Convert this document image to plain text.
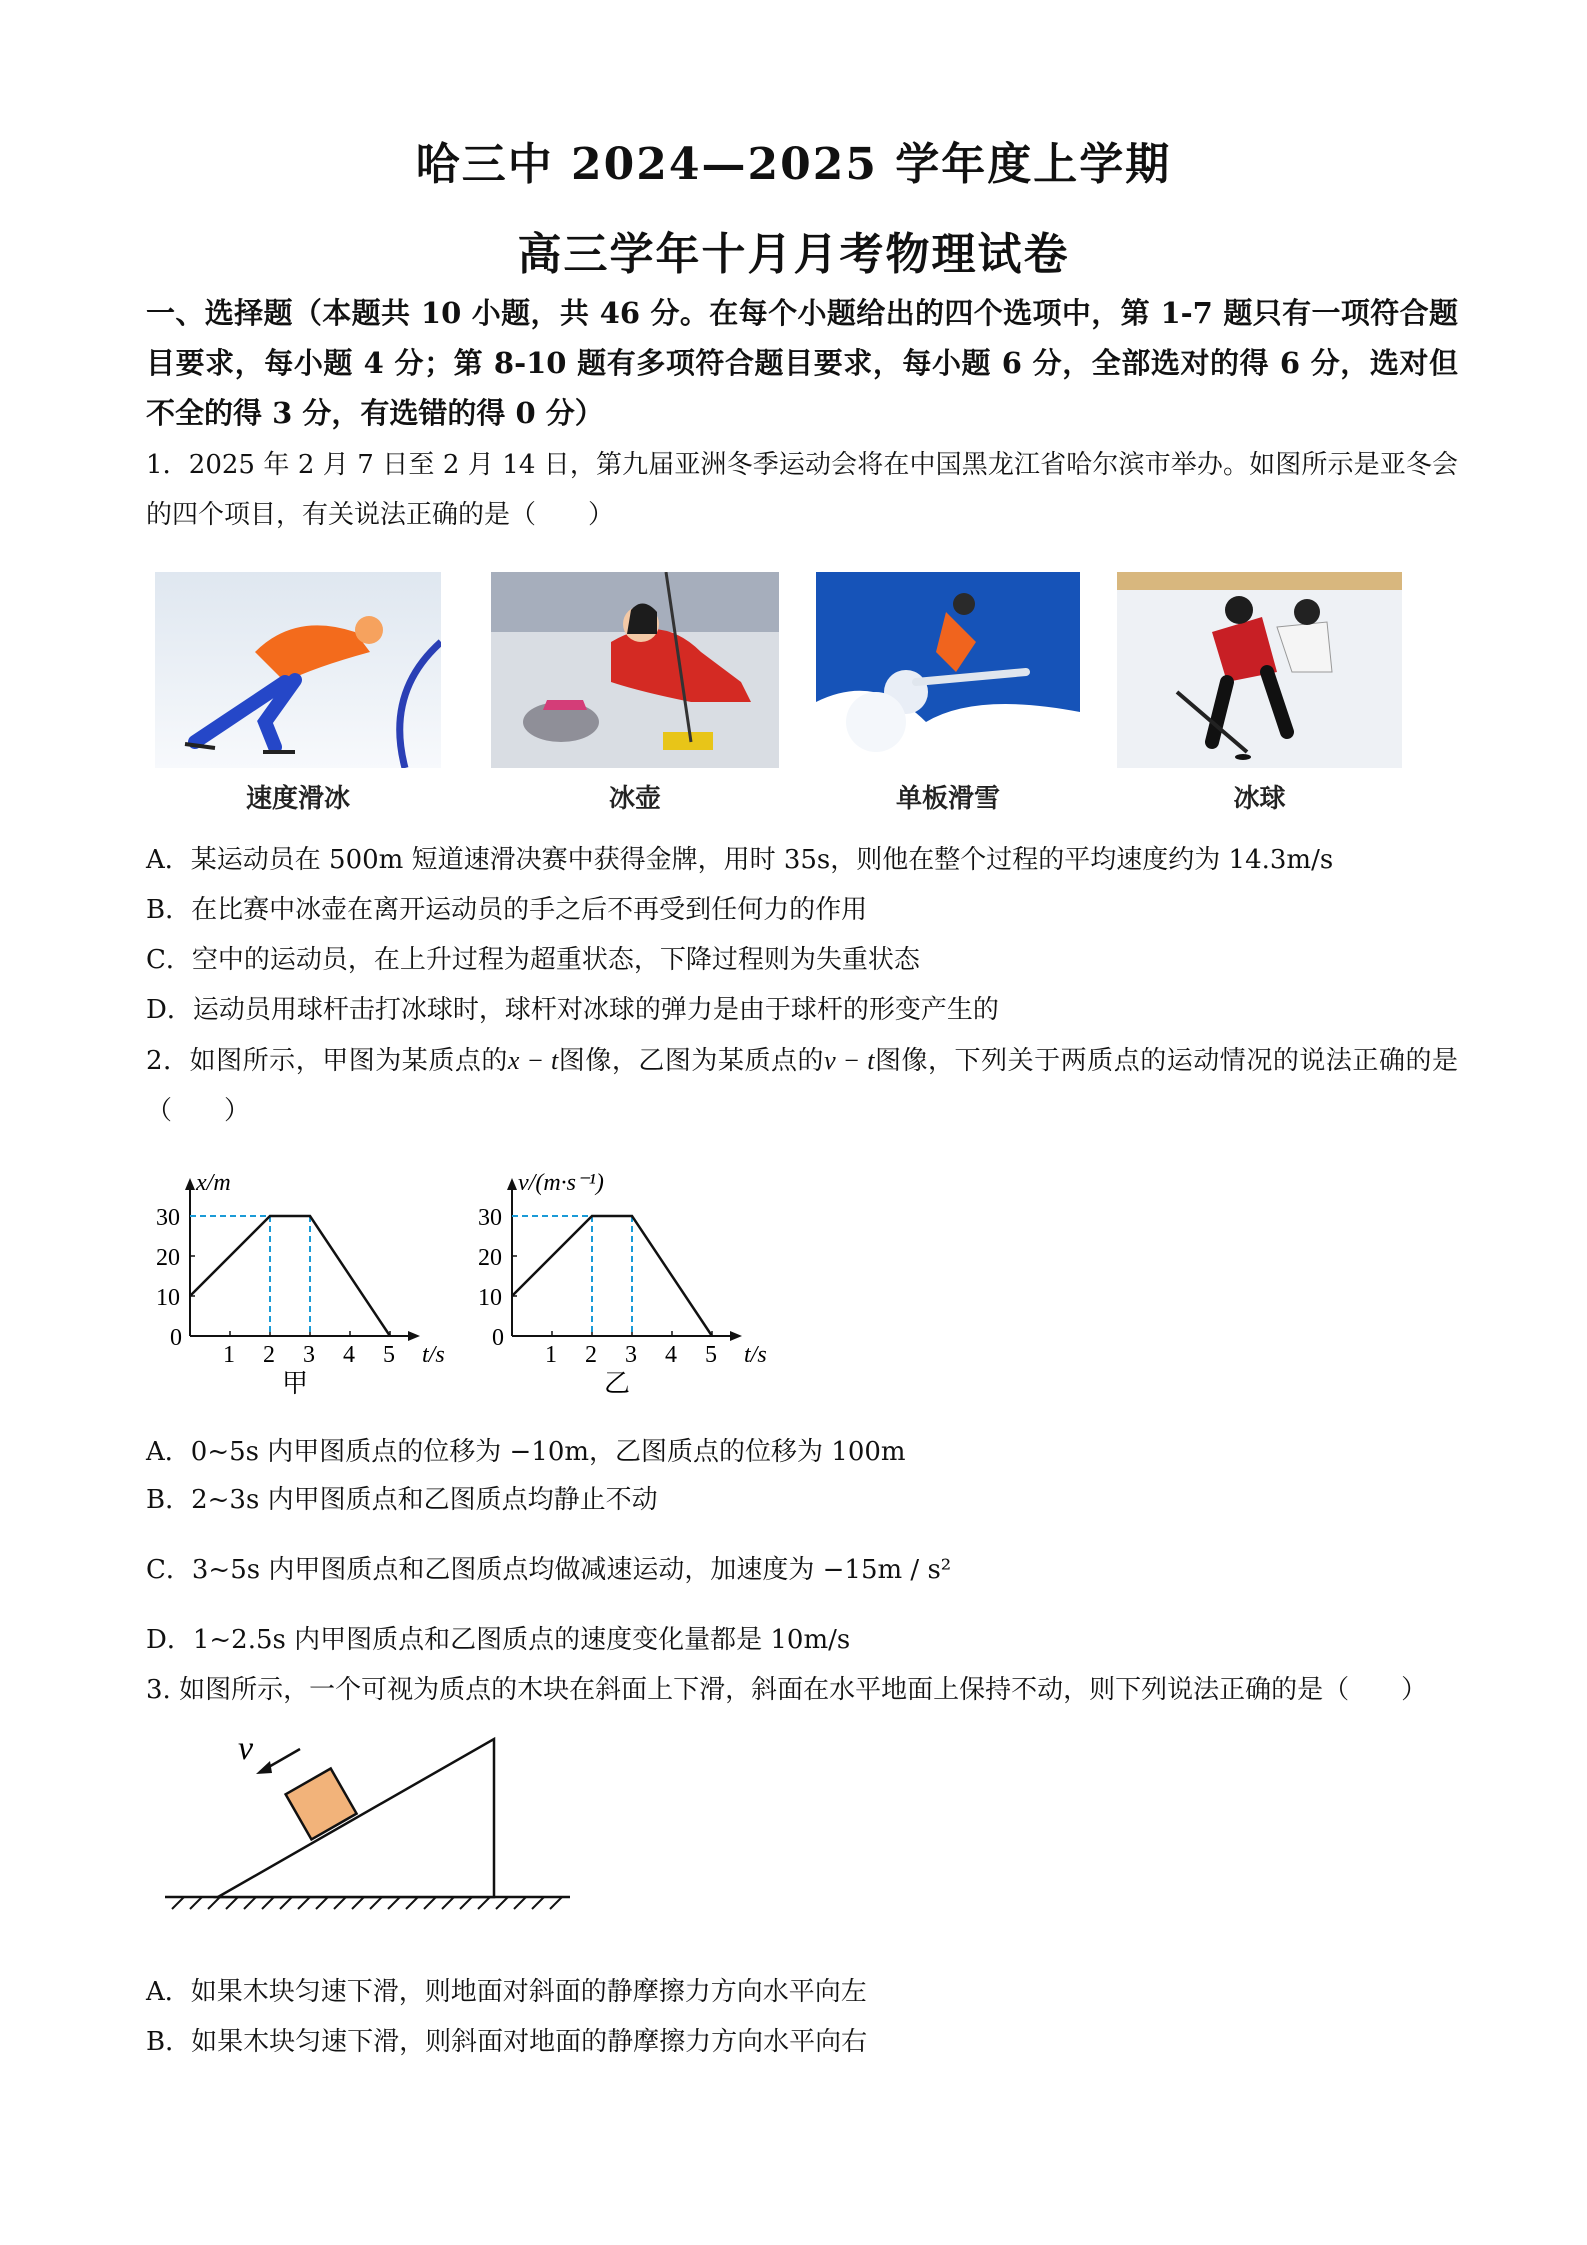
哈三中 2024—2025 学年度上学期
高三学年十月月考物理试卷
一、选择题（本题共 10 小题，共 46 分。在每个小题给出的四个选项中，第 1-7 题只有一项符合题目要求，每小题 4 分；第 8-10 题有多项符合题目要求，每小题 6 分，全部选对的得 6 分，选对但不全的得 3 分，有选错的得 0 分）
1．2025 年 2 月 7 日至 2 月 14 日，第九届亚洲冬季运动会将在中国黑龙江省哈尔滨市举办。如图所示是亚冬会的四个项目，有关说法正确的是（　　）
速度滑冰	冰壶	单板滑雪	冰球
A．某运动员在 500m 短道速滑决赛中获得金牌，用时 35s，则他在整个过程的平均速度约为 14.3m/s
B．在比赛中冰壶在离开运动员的手之后不再受到任何力的作用
C．空中的运动员，在上升过程为超重状态，下降过程则为失重状态
D．运动员用球杆击打冰球时，球杆对冰球的弹力是由于球杆的形变产生的
2．如图所示，甲图为某质点的x − t图像，乙图为某质点的v − t图像，下列关于两质点的运动情况的说法正确的是（　　）
x/m
t/s
1 2 3 4 5
0
10
20
30
甲
v/(m·s⁻¹)
t/s
1 2 3 4 5
0
10
20
30
乙
A．0~5s 内甲图质点的位移为 −10m，乙图质点的位移为 100m
B．2~3s 内甲图质点和乙图质点均静止不动
C．3~5s 内甲图质点和乙图质点均做减速运动，加速度为 −15m / s²
D．1~2.5s 内甲图质点和乙图质点的速度变化量都是 10m/s
3. 如图所示，一个可视为质点的木块在斜面上下滑，斜面在水平地面上保持不动，则下列说法正确的是（　　）
v
A．如果木块匀速下滑，则地面对斜面的静摩擦力方向水平向左
B．如果木块匀速下滑，则斜面对地面的静摩擦力方向水平向右
